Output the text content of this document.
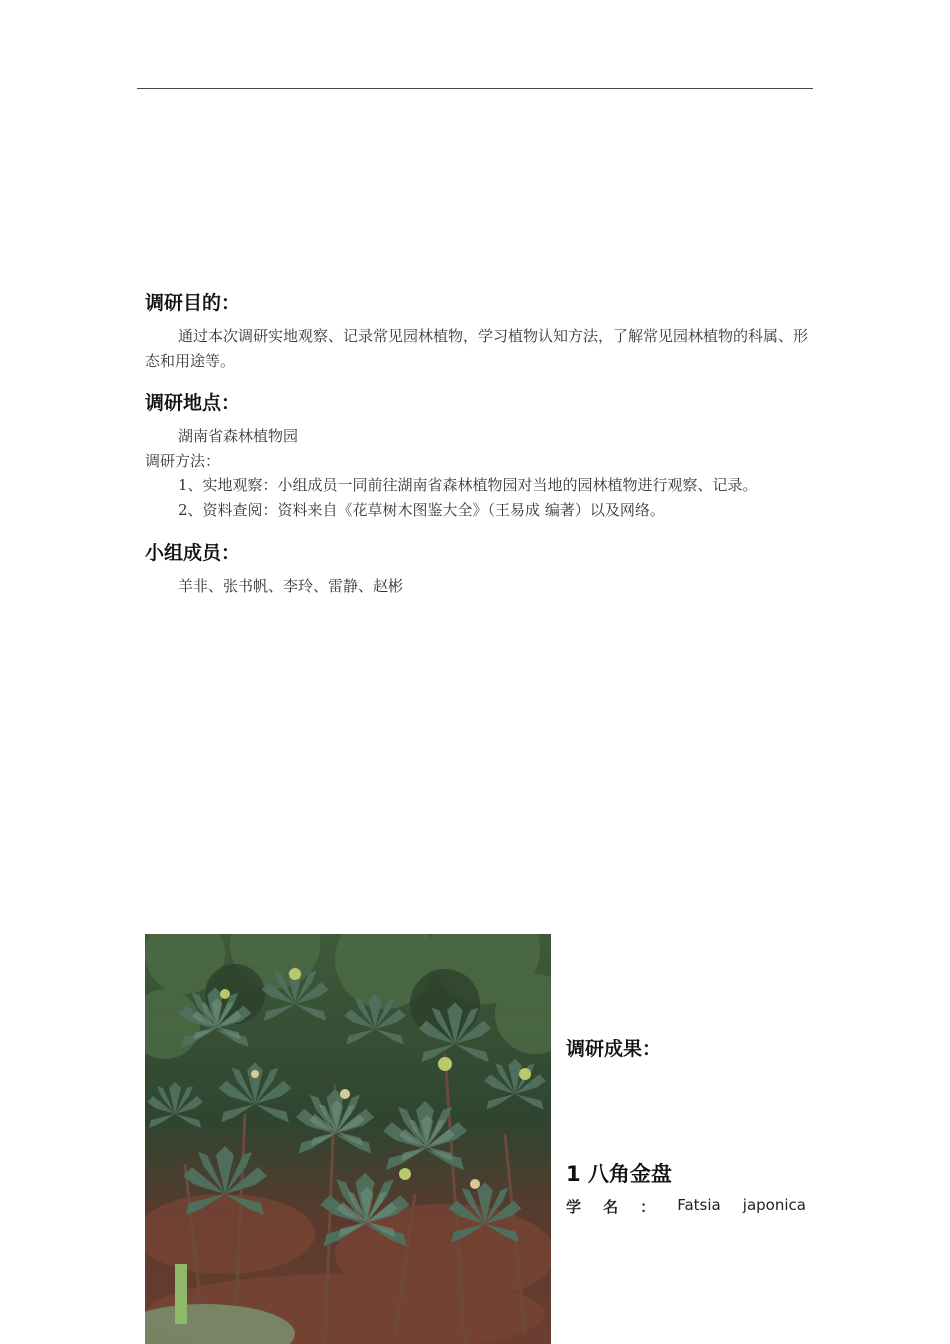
调研目的：

通过本次调研实地观察、记录常见园林植物，学习植物认知方法，了解常见园林植物的科属、形态和用途等。

调研地点：

湖南省森林植物园

调研方法：

1、实地观察：小组成员一同前往湖南省森林植物园对当地的园林植物进行观察、记录。

2、资料查阅：资料来自《花草树木图鉴大全》（王易成 编著）以及网络。

小组成员：

羊非、张书帆、李玲、雷静、赵彬

调研成果：
1 八角金盘
学 名 ： Fatsia japonica
